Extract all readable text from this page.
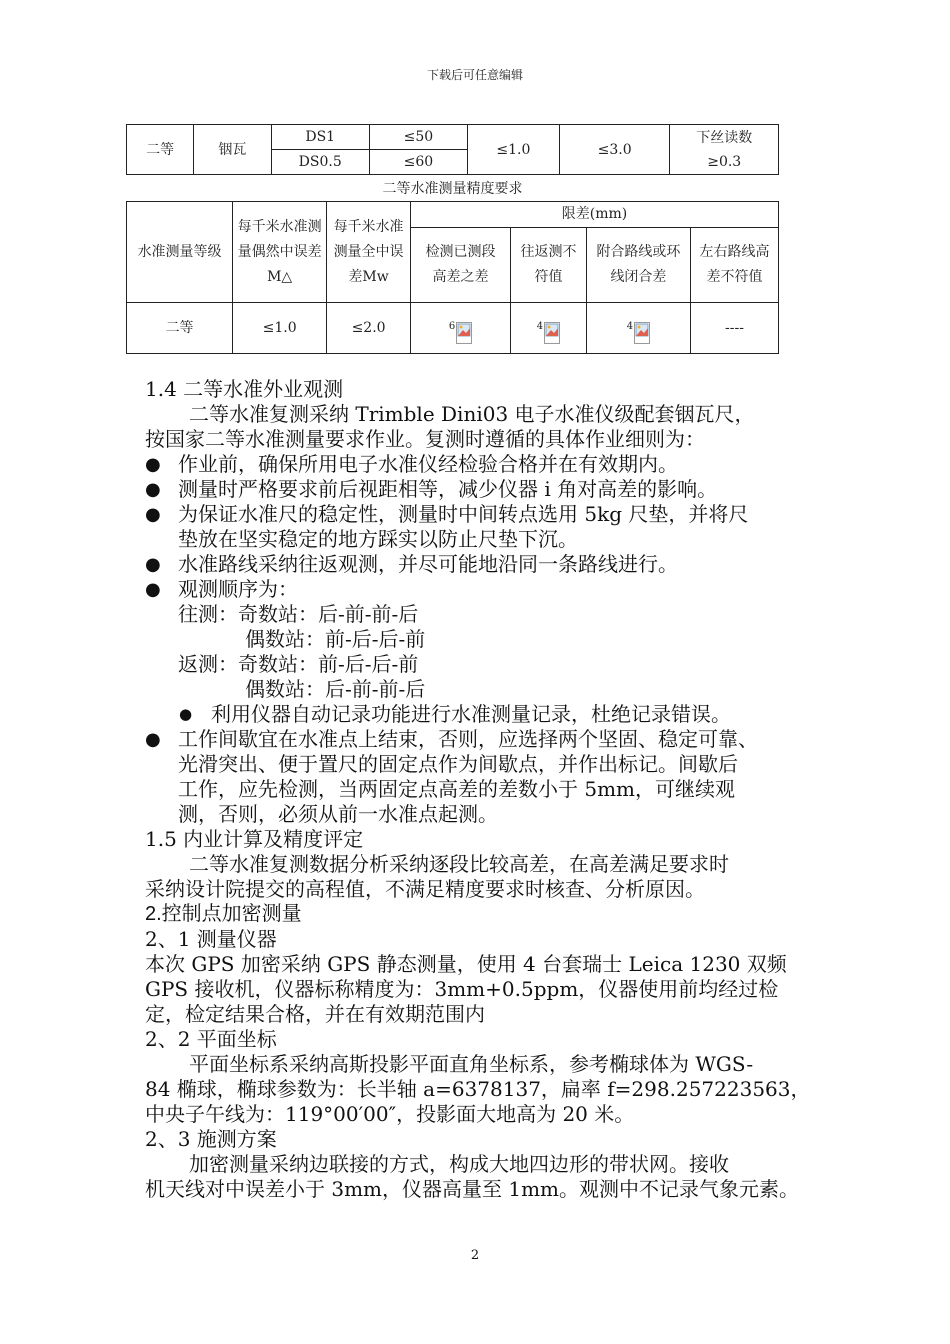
下载后可任意编辑
二等	铟瓦	DS1	≤50	≤1.0	≤3.0	下丝读数
≥0.3

		DS0.5	≤60			
二等水准测量精度要求
水准测量等级	每千米水准测量偶然中误差M△	每千米水准测量全中误差Mw	限差(mm)			
			检测已测段高差之差	往返测不符值	附合路线或环线闭合差	左右路线高差不符值
二等	≤1.0	≤2.0	6	4	4	----
1.4 二等水准外业观测
二等水准复测采纳 Trimble Dini03 电子水准仪级配套铟瓦尺，
按国家二等水准测量要求作业。复测时遵循的具体作业细则为：
● 作业前，确保所用电子水准仪经检验合格并在有效期内。
● 测量时严格要求前后视距相等，减少仪器 i 角对高差的影响。
● 为保证水准尺的稳定性，测量时中间转点选用 5kg 尺垫，并将尺
垫放在坚实稳定的地方踩实以防止尺垫下沉。
● 水准路线采纳往返观测，并尽可能地沿同一条路线进行。
● 观测顺序为：
往测：奇数站：后-前-前-后
偶数站：前-后-后-前
返测：奇数站：前-后-后-前
偶数站：后-前-前-后
● 利用仪器自动记录功能进行水准测量记录，杜绝记录错误。
● 工作间歇宜在水准点上结束，否则，应选择两个坚固、稳定可靠、
光滑突出、便于置尺的固定点作为间歇点，并作出标记。间歇后
工作，应先检测，当两固定点高差的差数小于 5mm，可继续观
测，否则，必须从前一水准点起测。
1.5 内业计算及精度评定
二等水准复测数据分析采纳逐段比较高差，在高差满足要求时
采纳设计院提交的高程值，不满足精度要求时核查、分析原因。
2.控制点加密测量
2、1 测量仪器
本次 GPS 加密采纳 GPS 静态测量，使用 4 台套瑞士 Leica 1230 双频
GPS 接收机，仪器标称精度为：3mm+0.5ppm，仪器使用前均经过检
定，检定结果合格，并在有效期范围内
2、2 平面坐标
平面坐标系采纳高斯投影平面直角坐标系，参考椭球体为 WGS-
84 椭球，椭球参数为：长半轴 a=6378137，扁率 f=298.257223563，
中央子午线为：119°00′00″，投影面大地高为 20 米。
2、3 施测方案
加密测量采纳边联接的方式，构成大地四边形的带状网。接收
机天线对中误差小于 3mm，仪器高量至 1mm。观测中不记录气象元素。
2
